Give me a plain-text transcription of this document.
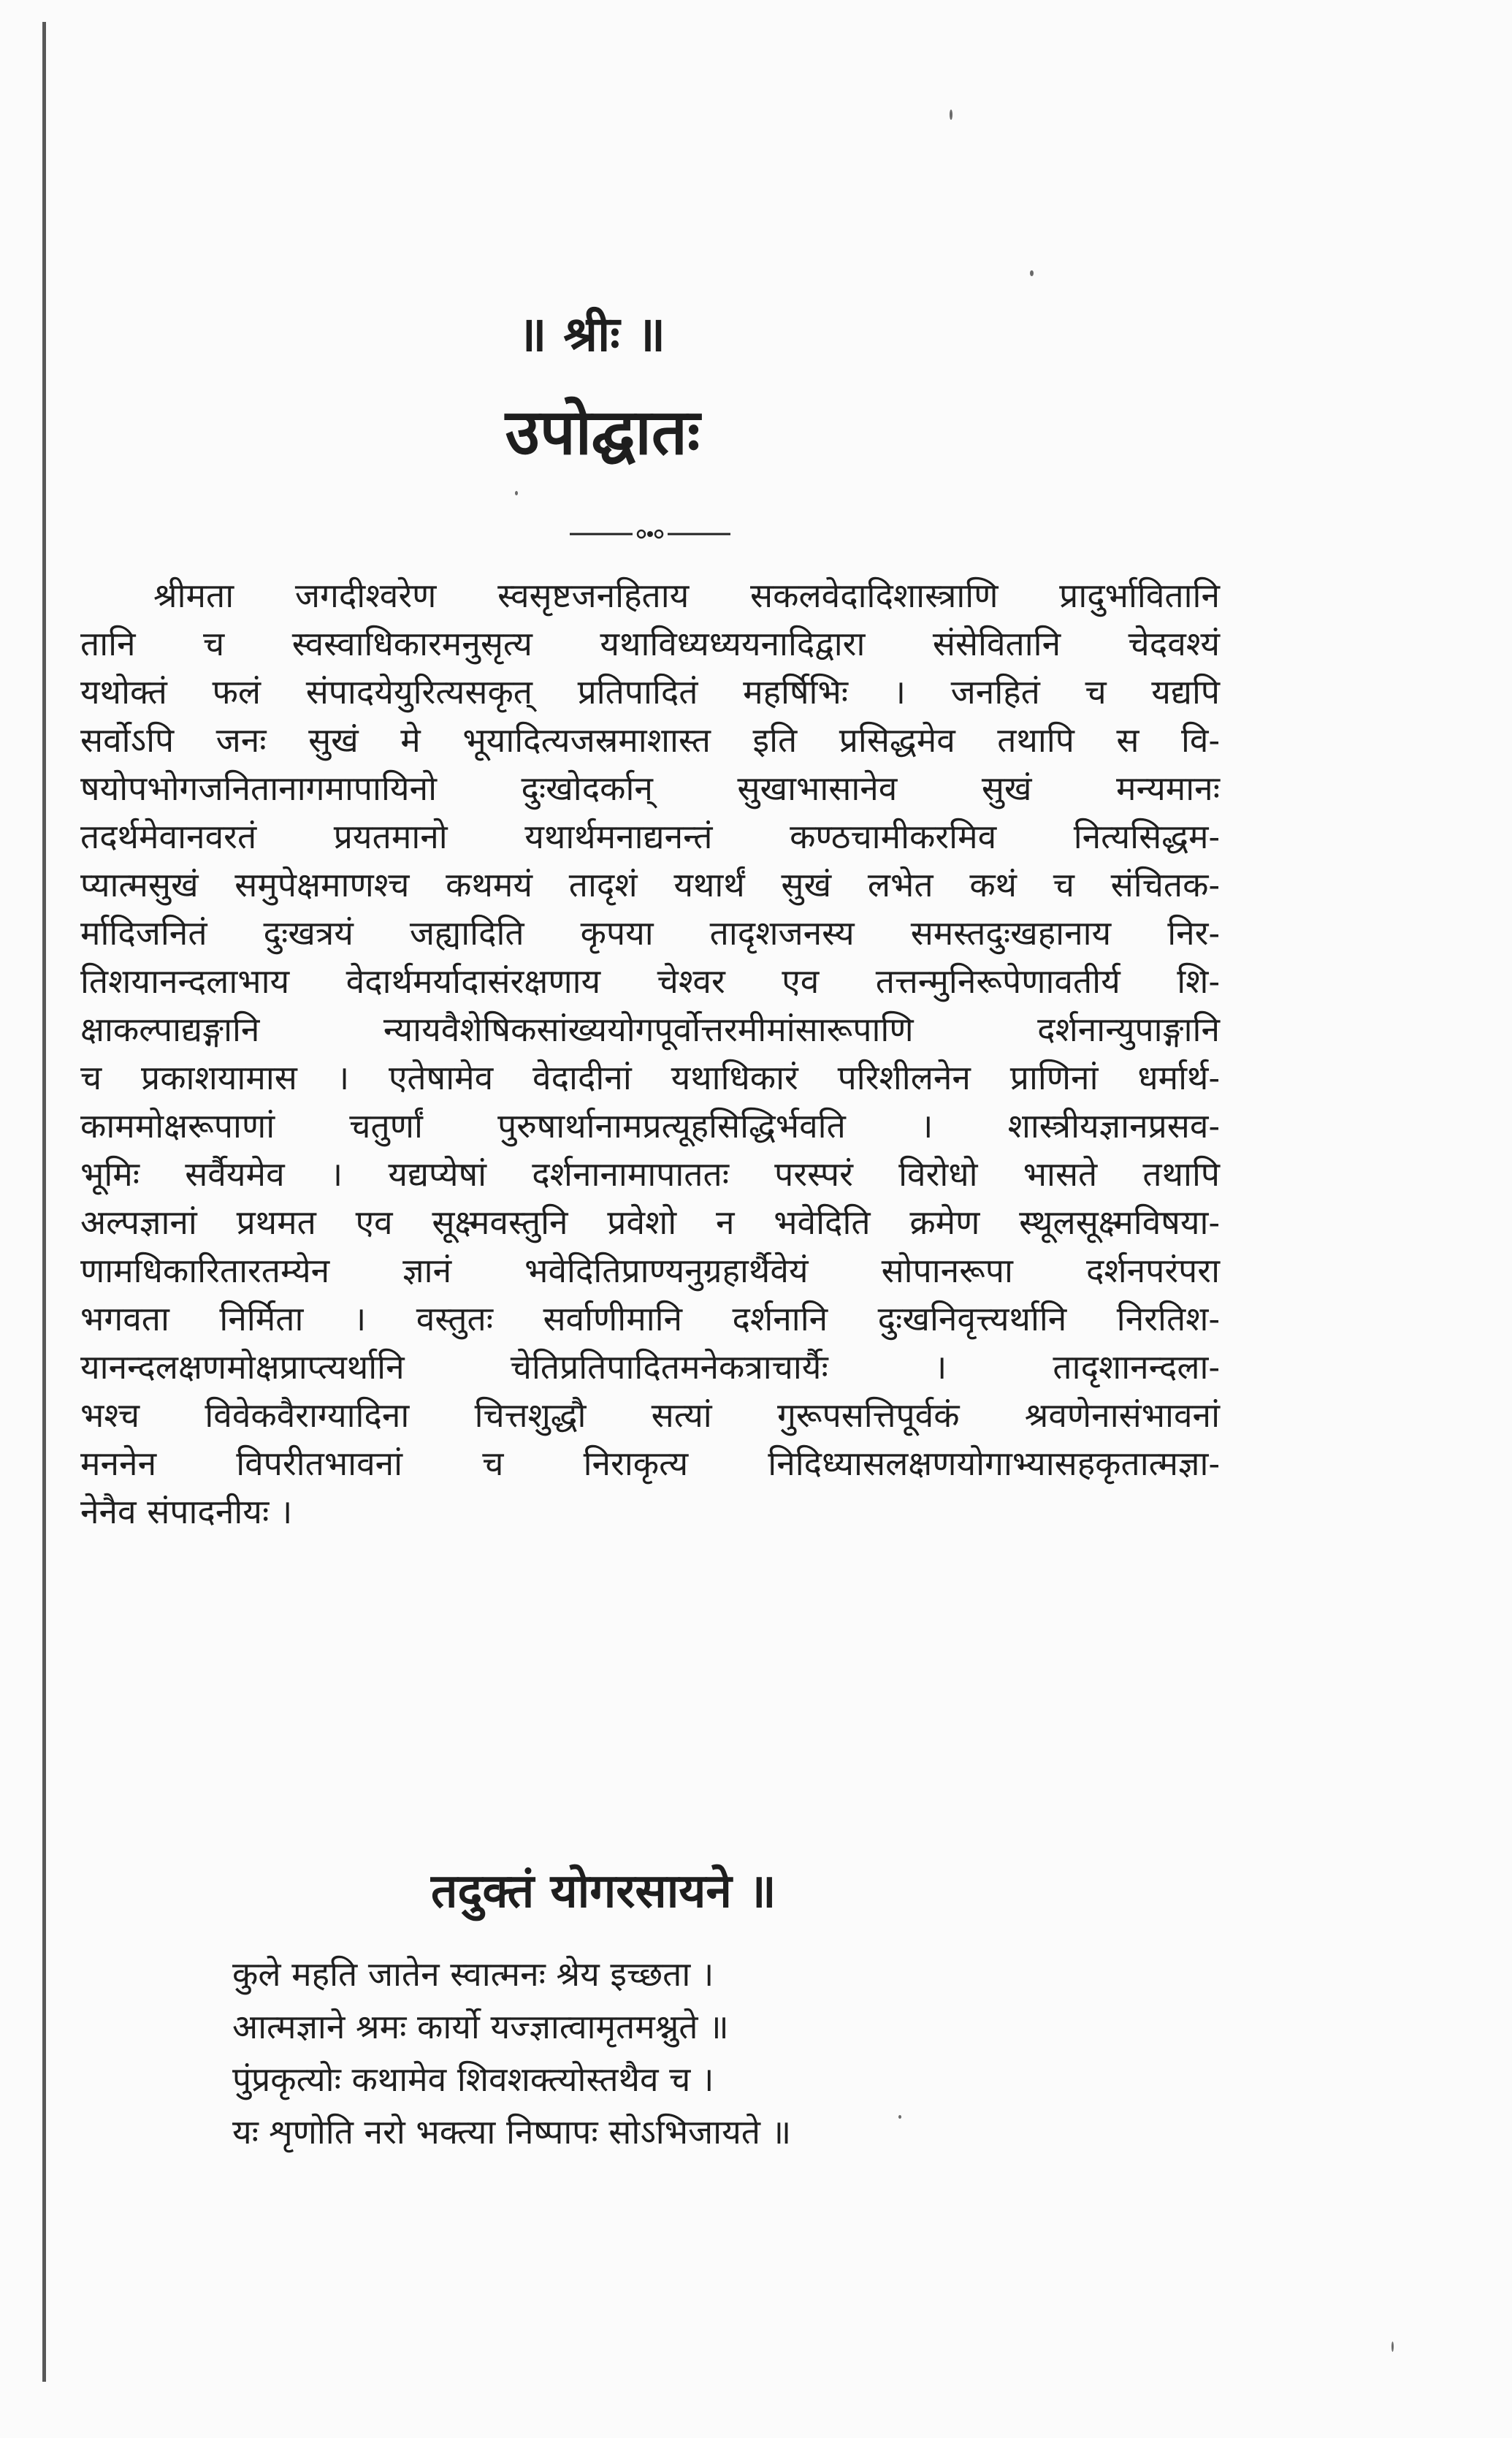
॥ श्रीः ॥
उपोद्घातः
श्रीमता जगदीश्वरेण स्वसृष्टजनहिताय सकलवेदादिशास्त्राणि प्रादुर्भावितानि
तानि च स्वस्वाधिकारमनुसृत्य यथाविध्यध्ययनादिद्वारा संसेवितानि चेदवश्यं
यथोक्तं फलं संपादयेयुरित्यसकृत् प्रतिपादितं महर्षिभिः । जनहितं च यद्यपि
सर्वोऽपि जनः सुखं मे भूयादित्यजस्रमाशास्त इति प्रसिद्धमेव तथापि स वि-
षयोपभोगजनितानागमापायिनो दुःखोदर्कान् सुखाभासानेव सुखं मन्यमानः
तदर्थमेवानवरतं प्रयतमानो यथार्थमनाद्यनन्तं कण्ठचामीकरमिव नित्यसिद्धम-
प्यात्मसुखं समुपेक्षमाणश्च कथमयं तादृशं यथार्थं सुखं लभेत कथं च संचितक-
र्मादिजनितं दुःखत्रयं जह्यादिति कृपया तादृशजनस्य समस्तदुःखहानाय निर-
तिशयानन्दलाभाय वेदार्थमर्यादासंरक्षणाय चेश्वर एव तत्तन्मुनिरूपेणावतीर्य शि-
क्षाकल्पाद्यङ्गानि न्यायवैशेषिकसांख्ययोगपूर्वोत्तरमीमांसारूपाणि दर्शनान्युपाङ्गानि
च प्रकाशयामास । एतेषामेव वेदादीनां यथाधिकारं परिशीलनेन प्राणिनां धर्मार्थ-
काममोक्षरूपाणां चतुर्णां पुरुषार्थानामप्रत्यूहसिद्धिर्भवति । शास्त्रीयज्ञानप्रसव-
भूमिः सर्वैयमेव । यद्यप्येषां दर्शनानामापाततः परस्परं विरोधो भासते तथापि
अल्पज्ञानां प्रथमत एव सूक्ष्मवस्तुनि प्रवेशो न भवेदिति क्रमेण स्थूलसूक्ष्मविषया-
णामधिकारितारतम्येन ज्ञानं भवेदितिप्राण्यनुग्रहार्थैवेयं सोपानरूपा दर्शनपरंपरा
भगवता निर्मिता । वस्तुतः सर्वाणीमानि दर्शनानि दुःखनिवृत्त्यर्थानि निरतिश-
यानन्दलक्षणमोक्षप्राप्त्यर्थानि चेतिप्रतिपादितमनेकत्राचार्यैः । तादृशानन्दला-
भश्च विवेकवैराग्यादिना चित्तशुद्धौ सत्यां गुरूपसत्तिपूर्वकं श्रवणेनासंभावनां
मननेन विपरीतभावनां च निराकृत्य निदिध्यासलक्षणयोगाभ्यासहकृतात्मज्ञा-
नेनैव संपादनीयः ।
तदुक्तं योगरसायने ॥
कुले महति जातेन स्वात्मनः श्रेय इच्छता ।
आत्मज्ञाने श्रमः कार्यो यज्ज्ञात्वामृतमश्नुते ॥
पुंप्रकृत्योः कथामेव शिवशक्त्योस्तथैव च ।
यः शृणोति नरो भक्त्या निष्पापः सोऽभिजायते ॥
